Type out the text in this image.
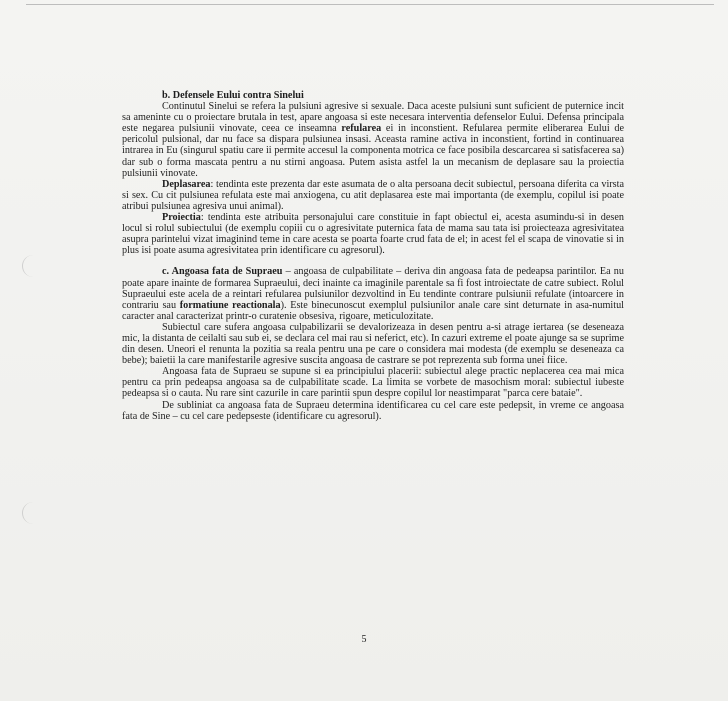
b. Defensele Eului contra Sinelui

Continutul Sinelui se refera la pulsiuni agresive si sexuale. Daca aceste pulsiuni sunt suficient de puternice incit sa ameninte cu o proiectare brutala in test, apare angoasa si este necesara interventia defenselor Eului. Defensa principala este negarea pulsiunii vinovate, ceea ce inseamna refularea ei in inconstient. Refularea permite eliberarea Eului de pericolul pulsional, dar nu face sa dispara pulsiunea insasi. Aceasta ramine activa in inconstient, fortind in continuarea intrarea in Eu (singurul spatiu care ii permite accesul la componenta motrica ce face posibila descarcarea si satisfacerea sa) dar sub o forma mascata pentru a nu stirni angoasa. Putem asista astfel la un mecanism de deplasare sau la proiectia pulsiunii vinovate.

Deplasarea: tendinta este prezenta dar este asumata de o alta persoana decit subiectul, persoana diferita ca virsta si sex. Cu cit pulsiunea refulata este mai anxiogena, cu atit deplasarea este mai importanta (de exemplu, copilul isi poate atribui pulsiunea agresiva unui animal).

Proiectia: tendinta este atribuita personajului care constituie in fapt obiectul ei, acesta asumindu-si in desen locul si rolul subiectului (de exemplu copiii cu o agresivitate puternica fata de mama sau tata isi proiecteaza agresivitatea asupra parintelui vizat imaginind teme in care acesta se poarta foarte crud fata de el; in acest fel el scapa de vinovatie si in plus isi poate asuma agresivitatea prin identificare cu agresorul).

c. Angoasa fata de Supraeu – angoasa de culpabilitate – deriva din angoasa fata de pedeapsa parintilor. Ea nu poate apare inainte de formarea Supraeului, deci inainte ca imaginile parentale sa fi fost introiectate de catre subiect. Rolul Supraeului este acela de a reintari refularea pulsiunilor dezvoltind in Eu tendinte contrare pulsiunii refulate (intoarcere in contrariu sau formatiune reactionala). Este binecunoscut exemplul pulsiunilor anale care sint deturnate in asa-numitul caracter anal caracterizat printr-o curatenie obsesiva, rigoare, meticulozitate.

Subiectul care sufera angoasa culpabilizarii se devalorizeaza in desen pentru a-si atrage iertarea (se deseneaza mic, la distanta de ceilalti sau sub ei, se declara cel mai rau si neferict, etc). In cazuri extreme el poate ajunge sa se suprime din desen. Uneori el renunta la pozitia sa reala pentru una pe care o considera mai modesta (de exemplu se deseneaza ca bebe); baietii la care manifestarile agresive suscita angoasa de castrare se pot reprezenta sub forma unei fiice.

Angoasa fata de Supraeu se supune si ea principiului placerii: subiectul alege practic neplacerea cea mai mica pentru ca prin pedeapsa angoasa sa de culpabilitate scade. La limita se vorbete de masochism moral: subiectul iubeste pedeapsa si o cauta. Nu rare sint cazurile in care parintii spun despre copilul lor neastimparat "parca cere bataie".

De subliniat ca angoasa fata de Supraeu determina identificarea cu cel care este pedepsit, in vreme ce angoasa fata de Sine – cu cel care pedepseste (identificare cu agresorul).

5
